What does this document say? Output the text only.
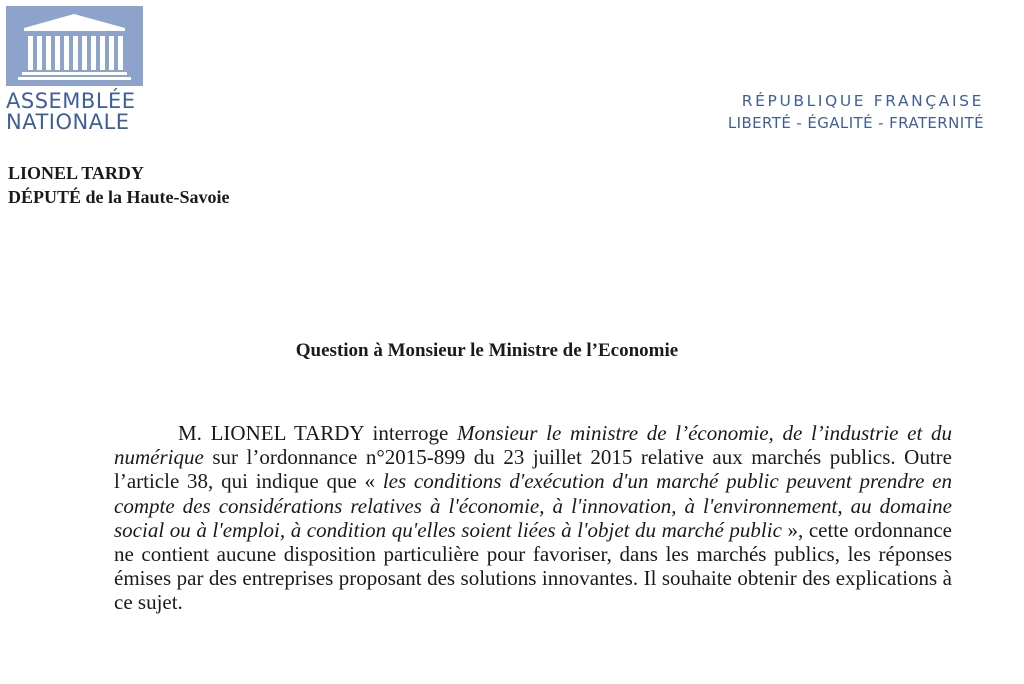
ASSEMBLÉE
NATIONALE
RÉPUBLIQUE FRANÇAISE
LIBERTÉ - ÉGALITÉ - FRATERNITÉ
LIONEL TARDY
DÉPUTÉ de la Haute-Savoie
Question à Monsieur le Ministre de l’Economie

M. LIONEL TARDY interroge Monsieur le ministre de l’économie, de l’industrie et du numérique sur l’ordonnance n°2015-899 du 23 juillet 2015 relative aux marchés publics. Outre l’article 38, qui indique que « les conditions d'exécution d'un marché public peuvent prendre en compte des considérations relatives à l'économie, à l'innovation, à l'environnement, au domaine social ou à l'emploi, à condition qu'elles soient liées à l'objet du marché public », cette ordonnance ne contient aucune disposition particulière pour favoriser, dans les marchés publics, les réponses émises par des entreprises proposant des solutions innovantes. Il souhaite obtenir des explications à ce sujet.
